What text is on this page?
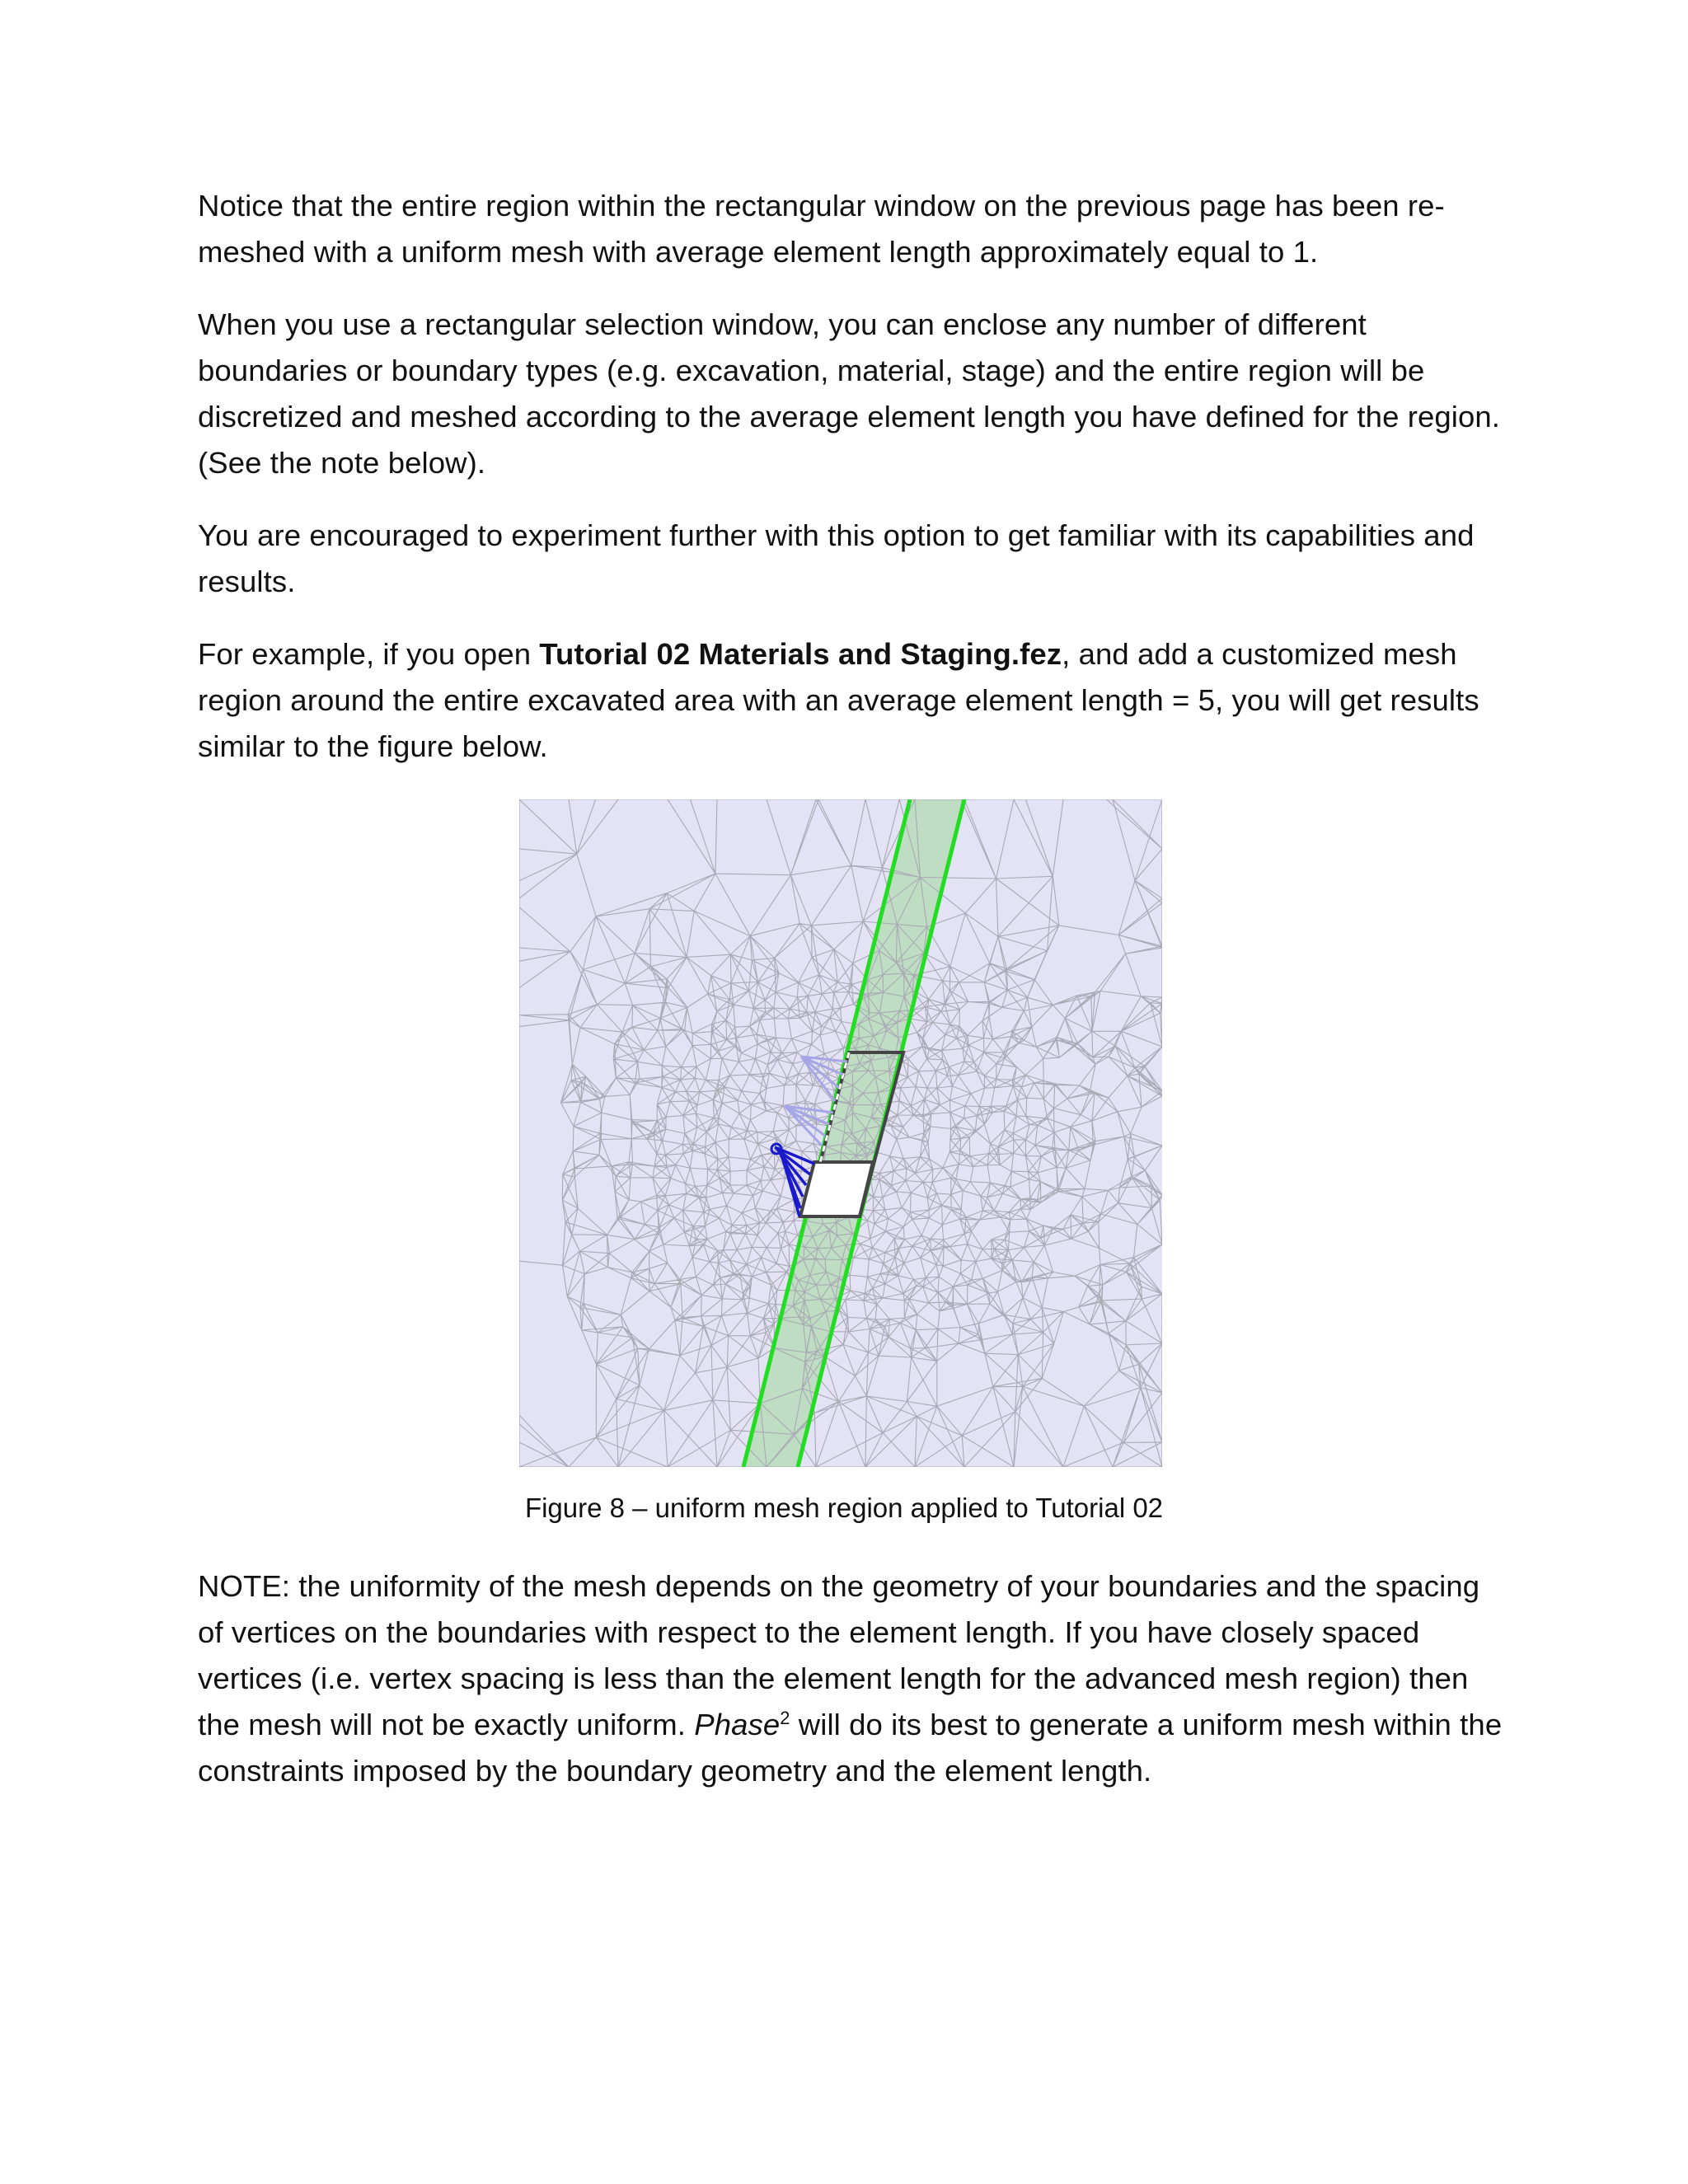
Notice that the entire region within the rectangular window on the previous page has been re-meshed with a uniform mesh with average element length approximately equal to 1.

When you use a rectangular selection window, you can enclose any number of different boundaries or boundary types (e.g. excavation, material, stage) and the entire region will be discretized and meshed according to the average element length you have defined for the region. (See the note below).

You are encouraged to experiment further with this option to get familiar with its capabilities and results.

For example, if you open Tutorial 02 Materials and Staging.fez, and add a customized mesh region around the entire excavated area with an average element length = 5, you will get results similar to the figure below.

Figure 8 – uniform mesh region applied to Tutorial 02

NOTE: the uniformity of the mesh depends on the geometry of your boundaries and the spacing of vertices on the boundaries with respect to the element length. If you have closely spaced vertices (i.e. vertex spacing is less than the element length for the advanced mesh region) then the mesh will not be exactly uniform. Phase$^2$ will do its best to generate a uniform mesh within the constraints imposed by the boundary geometry and the element length.
